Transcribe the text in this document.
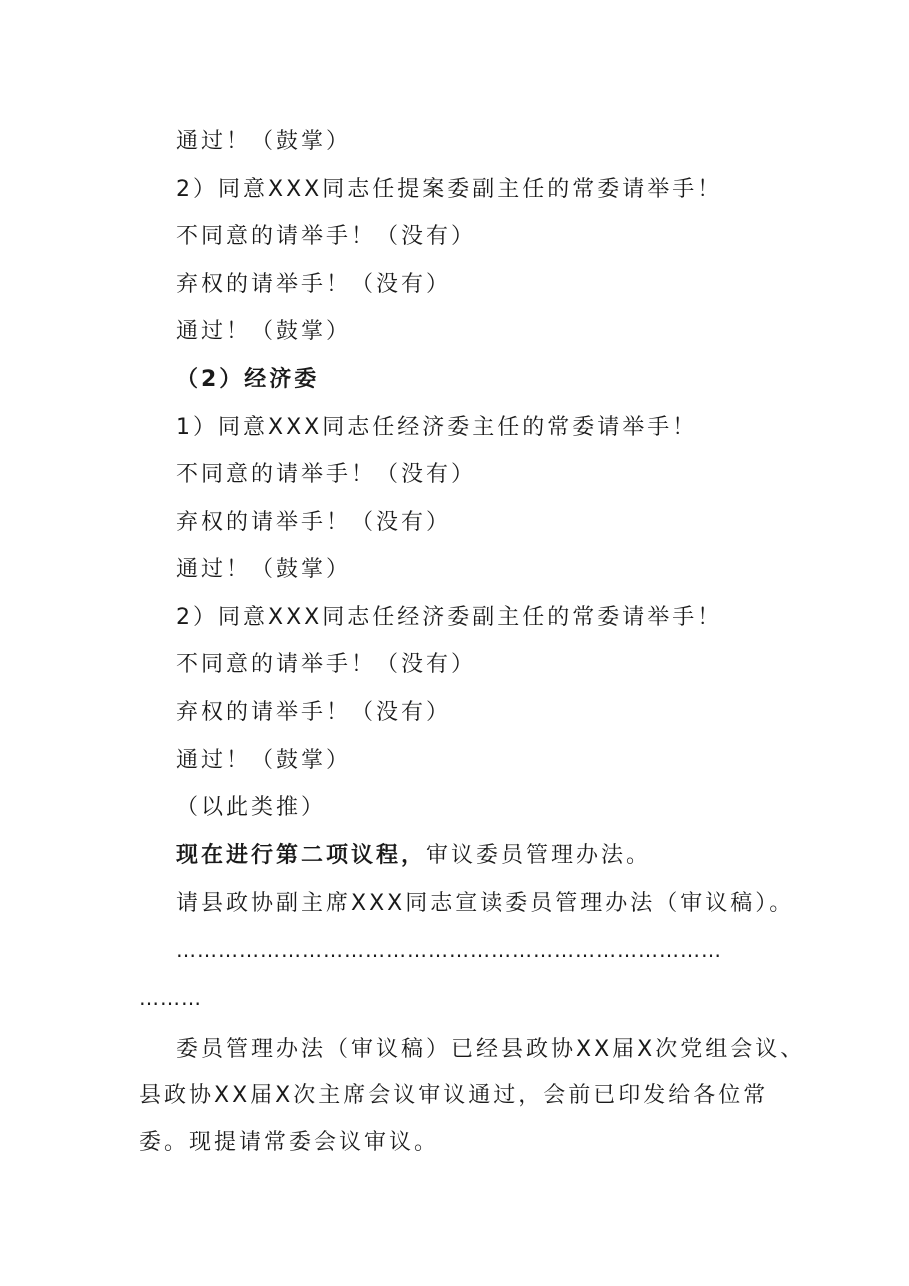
通过！（鼓掌）
2）同意XXX同志任提案委副主任的常委请举手！
不同意的请举手！（没有）
弃权的请举手！（没有）
通过！（鼓掌）
（2）经济委
1）同意XXX同志任经济委主任的常委请举手！
不同意的请举手！（没有）
弃权的请举手！（没有）
通过！（鼓掌）
2）同意XXX同志任经济委副主任的常委请举手！
不同意的请举手！（没有）
弃权的请举手！（没有）
通过！（鼓掌）
（以此类推）
现在进行第二项议程，审议委员管理办法。
请县政协副主席XXX同志宣读委员管理办法（审议稿）。
……………………………………………………………………
………
委员管理办法（审议稿）已经县政协XX届X次党组会议、
县政协XX届X次主席会议审议通过，会前已印发给各位常
委。现提请常委会议审议。
